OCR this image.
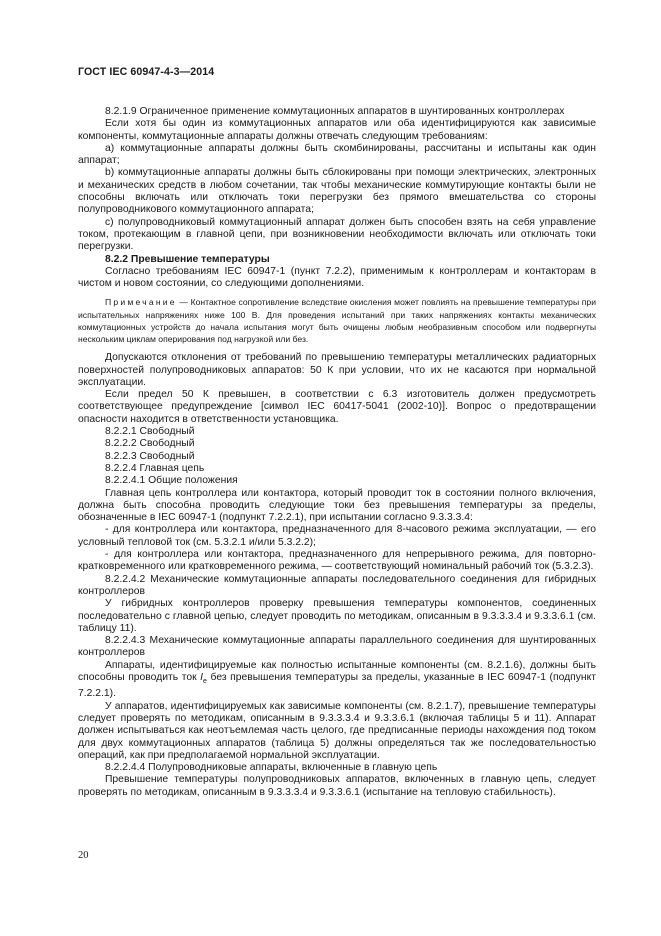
ГОСТ IEC 60947-4-3—2014

8.2.1.9 Ограниченное применение коммутационных аппаратов в шунтированных контроллерах

Если хотя бы один из коммутационных аппаратов или оба идентифицируются как зависимые компоненты, коммутационные аппараты должны отвечать следующим требованиям:

a) коммутационные аппараты должны быть скомбинированы, рассчитаны и испытаны как один аппарат;

b) коммутационные аппараты должны быть сблокированы при помощи электрических, электронных и механических средств в любом сочетании, так чтобы механические коммутирующие контакты были не способны включать или отключать токи перегрузки без прямого вмешательства со стороны полупроводникового коммутационного аппарата;

c) полупроводниковый коммутационный аппарат должен быть способен взять на себя управление током, протекающим в главной цепи, при возникновении необходимости включать или отключать токи перегрузки.

8.2.2 Превышение температуры

Согласно требованиям IEC 60947-1 (пункт 7.2.2), применимым к контроллерам и контакторам в чистом и новом состоянии, со следующими дополнениями.

Примечание — Контактное сопротивление вследствие окисления может повлиять на превышение температуры при испытательных напряжениях ниже 100 В. Для проведения испытаний при таких напряжениях контакты механических коммутационных устройств до начала испытания могут быть очищены любым необразивным способом или подвергнуты нескольким циклам оперирования под нагрузкой или без.

Допускаются отклонения от требований по превышению температуры металлических радиаторных поверхностей полупроводниковых аппаратов: 50 К при условии, что их не касаются при нормальной эксплуатации.

Если предел 50 К превышен, в соответствии с 6.3 изготовитель должен предусмотреть соответствующее предупреждение [символ IEC 60417-5041 (2002-10)]. Вопрос о предотвращении опасности находится в ответственности установщика.

8.2.2.1 Свободный

8.2.2.2 Свободный

8.2.2.3 Свободный

8.2.2.4 Главная цепь

8.2.2.4.1 Общие положения

Главная цепь контроллера или контактора, который проводит ток в состоянии полного включения, должна быть способна проводить следующие токи без превышения температуры за пределы, обозначенные в IEC 60947-1 (подпункт 7.2.2.1), при испытании согласно 9.3.3.3.4:

- для контроллера или контактора, предназначенного для 8-часового режима эксплуатации, — его условный тепловой ток (см. 5.3.2.1 и/или 5.3.2.2);

- для контроллера или контактора, предназначенного для непрерывного режима, для повторно-кратковременного или кратковременного режима, — соответствующий номинальный рабочий ток (5.3.2.3).

8.2.2.4.2 Механические коммутационные аппараты последовательного соединения для гибридных контроллеров

У гибридных контроллеров проверку превышения температуры компонентов, соединенных последовательно с главной цепью, следует проводить по методикам, описанным в 9.3.3.3.4 и 9.3.3.6.1 (см. таблицу 11).

8.2.2.4.3 Механические коммутационные аппараты параллельного соединения для шунтированных контроллеров

Аппараты, идентифицируемые как полностью испытанные компоненты (см. 8.2.1.6), должны быть способны проводить ток $I_e$ без превышения температуры за пределы, указанные в IEC 60947-1 (подпункт 7.2.2.1).

У аппаратов, идентифицируемых как зависимые компоненты (см. 8.2.1.7), превышение температуры следует проверять по методикам, описанным в 9.3.3.3.4 и 9.3.3.6.1 (включая таблицы 5 и 11). Аппарат должен испытываться как неотъемлемая часть целого, где предписанные периоды нахождения под током для двух коммутационных аппаратов (таблица 5) должны определяться так же последовательностью операций, как при предполагаемой нормальной эксплуатации.

8.2.2.4.4 Полупроводниковые аппараты, включенные в главную цепь

Превышение температуры полупроводниковых аппаратов, включенных в главную цепь, следует проверять по методикам, описанным в 9.3.3.3.4 и 9.3.3.6.1 (испытание на тепловую стабильность).

20
